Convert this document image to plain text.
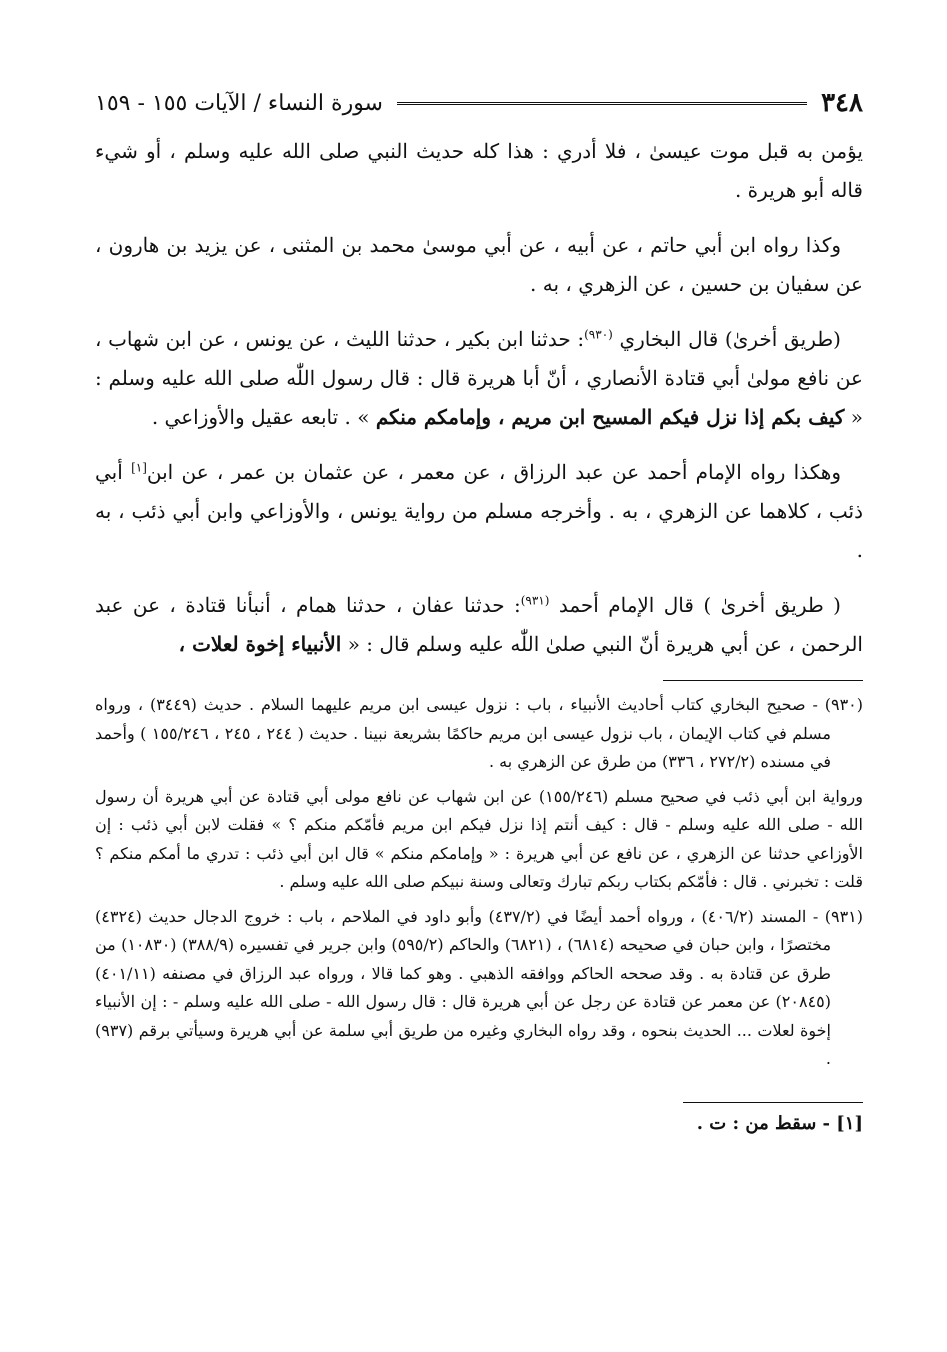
٣٤٨
سورة النساء / الآيات ١٥٥ - ١٥٩

يؤمن به قبل موت عيسىٰ ، فلا أدري : هذا كله حديث النبي صلى الله عليه وسلم ، أو شيء قاله أبو هريرة .

وكذا رواه ابن أبي حاتم ، عن أبيه ، عن أبي موسىٰ محمد بن المثنى ، عن يزيد بن هارون ، عن سفيان بن حسين ، عن الزهري ، به .

(طريق أخرىٰ) قال البخاري $^{(٩٣٠)}$: حدثنا ابن بكير ، حدثنا الليث ، عن يونس ، عن ابن شهاب ، عن نافع مولىٰ أبي قتادة الأنصاري ، أنّ أبا هريرة قال : قال رسول اللّٰه صلى الله عليه وسلم : « كيف بكم إذا نزل فيكم المسيح ابن مريم ، وإمامكم منكم » . تابعه عقيل والأوزاعي .

وهكذا رواه الإمام أحمد عن عبد الرزاق ، عن معمر ، عن عثمان بن عمر ، عن ابن[١] أبي ذئب ، كلاهما عن الزهري ، به . وأخرجه مسلم من رواية يونس ، والأوزاعي وابن أبي ذئب ، به .

( طريق أخرىٰ ) قال الإمام أحمد $^{(٩٣١)}$: حدثنا عفان ، حدثنا همام ، أنبأنا قتادة ، عن عبد الرحمن ، عن أبي هريرة أنّ النبي صلىٰ اللّٰه عليه وسلم قال : « الأنبياء إخوة لعلات ،

(٩٣٠) - صحيح البخاري كتاب أحاديث الأنبياء ، باب : نزول عيسى ابن مريم عليهما السلام . حديث (٣٤٤٩) ، ورواه مسلم في كتاب الإيمان ، باب نزول عيسى ابن مريم حاكمًا بشريعة نبينا . حديث ( ٢٤٤ ، ٢٤٥ ، ١٥٥/٢٤٦ ) وأحمد في مسنده (٢٧٢/٢ ، ٣٣٦) من طرق عن الزهري به .

ورواية ابن أبي ذئب في صحيح مسلم (١٥٥/٢٤٦) عن ابن شهاب عن نافع مولى أبي قتادة عن أبي هريرة أن رسول الله - صلى الله عليه وسلم - قال : كيف أنتم إذا نزل فيكم ابن مريم فأمّكم منكم ؟ » فقلت لابن أبي ذئب : إن الأوزاعي حدثنا عن الزهري ، عن نافع عن أبي هريرة : « وإمامكم منكم » قال ابن أبي ذئب : تدري ما أمكم منكم ؟ قلت : تخبرني . قال : فأمّكم بكتاب ربكم تبارك وتعالى وسنة نبيكم صلى الله عليه وسلم .

(٩٣١) - المسند (٤٠٦/٢) ، ورواه أحمد أيضًا في (٤٣٧/٢) وأبو داود في الملاحم ، باب : خروج الدجال حديث (٤٣٢٤) مختصرًا ، وابن حبان في صحيحه (٦٨١٤) ، (٦٨٢١) والحاكم (٥٩٥/٢) وابن جرير في تفسيره (٣٨٨/٩) (١٠٨٣٠) من طرق عن قتادة به . وقد صححه الحاكم ووافقه الذهبي . وهو كما قالا ، ورواه عبد الرزاق في مصنفه (٤٠١/١١) (٢٠٨٤٥) عن معمر عن قتادة عن رجل عن أبي هريرة قال : قال رسول الله - صلى الله عليه وسلم - : إن الأنبياء إخوة لعلات ... الحديث بنحوه ، وقد رواه البخاري وغيره من طريق أبي سلمة عن أبي هريرة وسيأتي برقم (٩٣٧) .

[١] - سقط من : ت .
